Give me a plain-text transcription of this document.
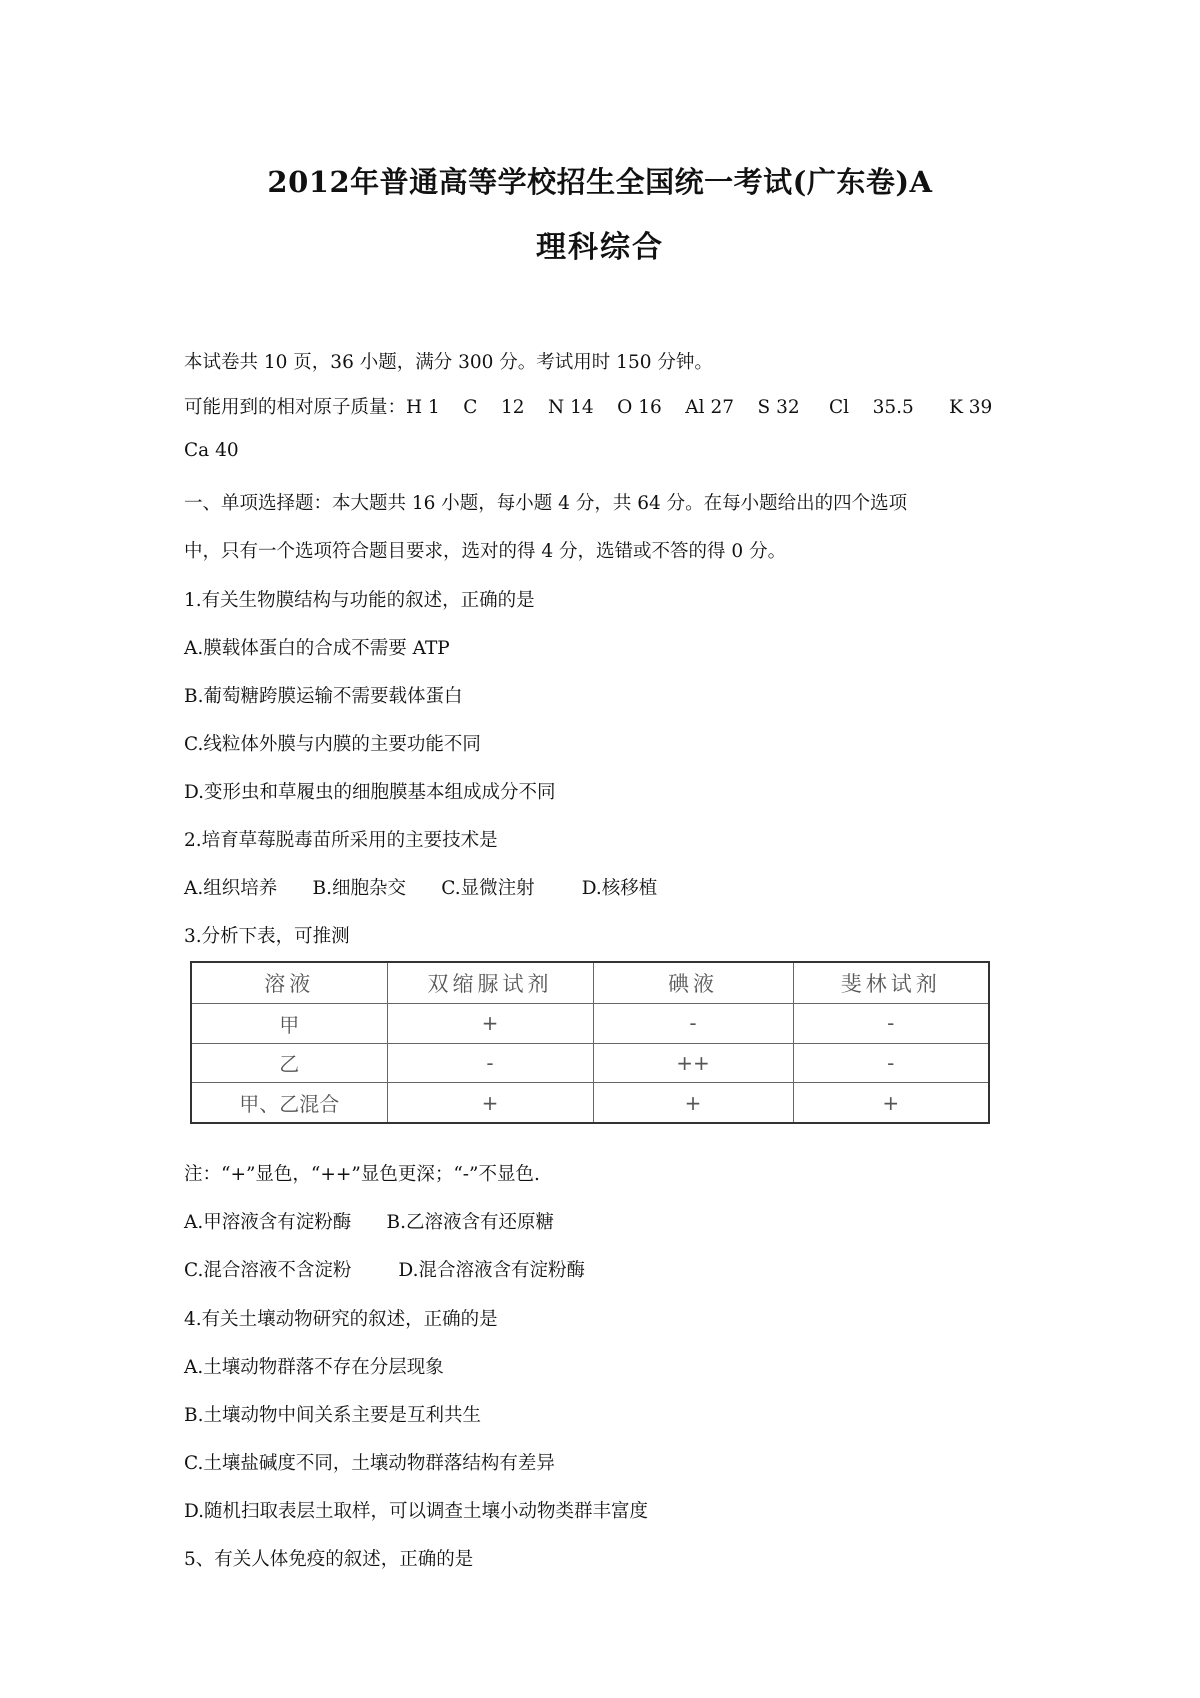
2012年普通高等学校招生全国统一考试(广东卷)A
理科综合
本试卷共 10 页，36 小题，满分 300 分。考试用时 150 分钟。
可能用到的相对原子质量：H 1    C    12    N 14    O 16    Al 27    S 32     Cl    35.5      K 39
Ca 40
一、单项选择题：本大题共 16 小题，每小题 4 分，共 64 分。在每小题给出的四个选项
中，只有一个选项符合题目要求，选对的得 4 分，选错或不答的得 0 分。
1.有关生物膜结构与功能的叙述，正确的是
A.膜载体蛋白的合成不需要 ATP
B.葡萄糖跨膜运输不需要载体蛋白
C.线粒体外膜与内膜的主要功能不同
D.变形虫和草履虫的细胞膜基本组成成分不同
2.培育草莓脱毒苗所采用的主要技术是
A.组织培养      B.细胞杂交      C.显微注射        D.核移植
3.分析下表，可推测
溶液	双缩脲试剂	碘液	斐林试剂
甲	+	-	-
乙	-	++	-
甲、乙混合	+	+	+
注：“+”显色，“++”显色更深；“-”不显色.
A.甲溶液含有淀粉酶      B.乙溶液含有还原糖
C.混合溶液不含淀粉        D.混合溶液含有淀粉酶
4.有关土壤动物研究的叙述，正确的是
A.土壤动物群落不存在分层现象
B.土壤动物中间关系主要是互利共生
C.土壤盐碱度不同，土壤动物群落结构有差异
D.随机扫取表层土取样，可以调查土壤小动物类群丰富度
5、有关人体免疫的叙述，正确的是
